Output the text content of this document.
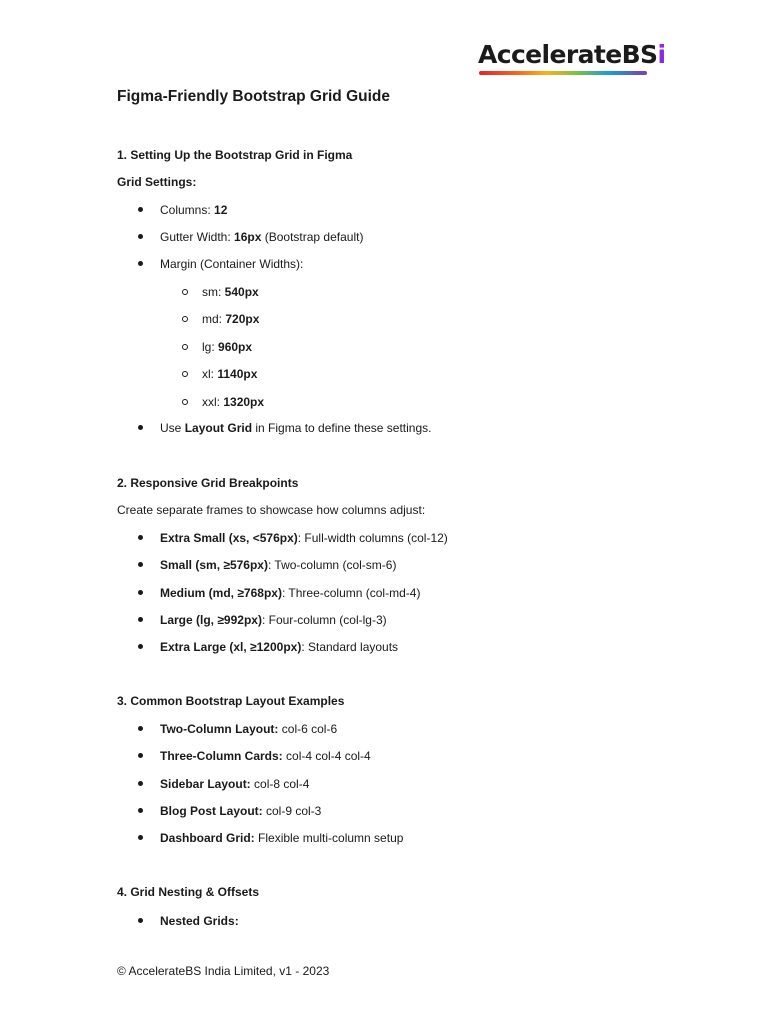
AccelerateBSi
Figma-Friendly Bootstrap Grid Guide

1. Setting Up the Bootstrap Grid in Figma

Grid Settings:

Columns: 12

Gutter Width: 16px (Bootstrap default)

Margin (Container Widths):

sm: 540px

md: 720px

lg: 960px

xl: 1140px

xxl: 1320px

Use Layout Grid in Figma to define these settings.

2. Responsive Grid Breakpoints

Create separate frames to showcase how columns adjust:

Extra Small (xs, <576px): Full-width columns (col-12)

Small (sm, ≥576px): Two-column (col-sm-6)

Medium (md, ≥768px): Three-column (col-md-4)

Large (lg, ≥992px): Four-column (col-lg-3)

Extra Large (xl, ≥1200px): Standard layouts

3. Common Bootstrap Layout Examples

Two-Column Layout: col-6 col-6

Three-Column Cards: col-4 col-4 col-4

Sidebar Layout: col-8 col-4

Blog Post Layout: col-9 col-3

Dashboard Grid: Flexible multi-column setup

4. Grid Nesting & Offsets

Nested Grids:

© AccelerateBS India Limited, v1 - 2023
